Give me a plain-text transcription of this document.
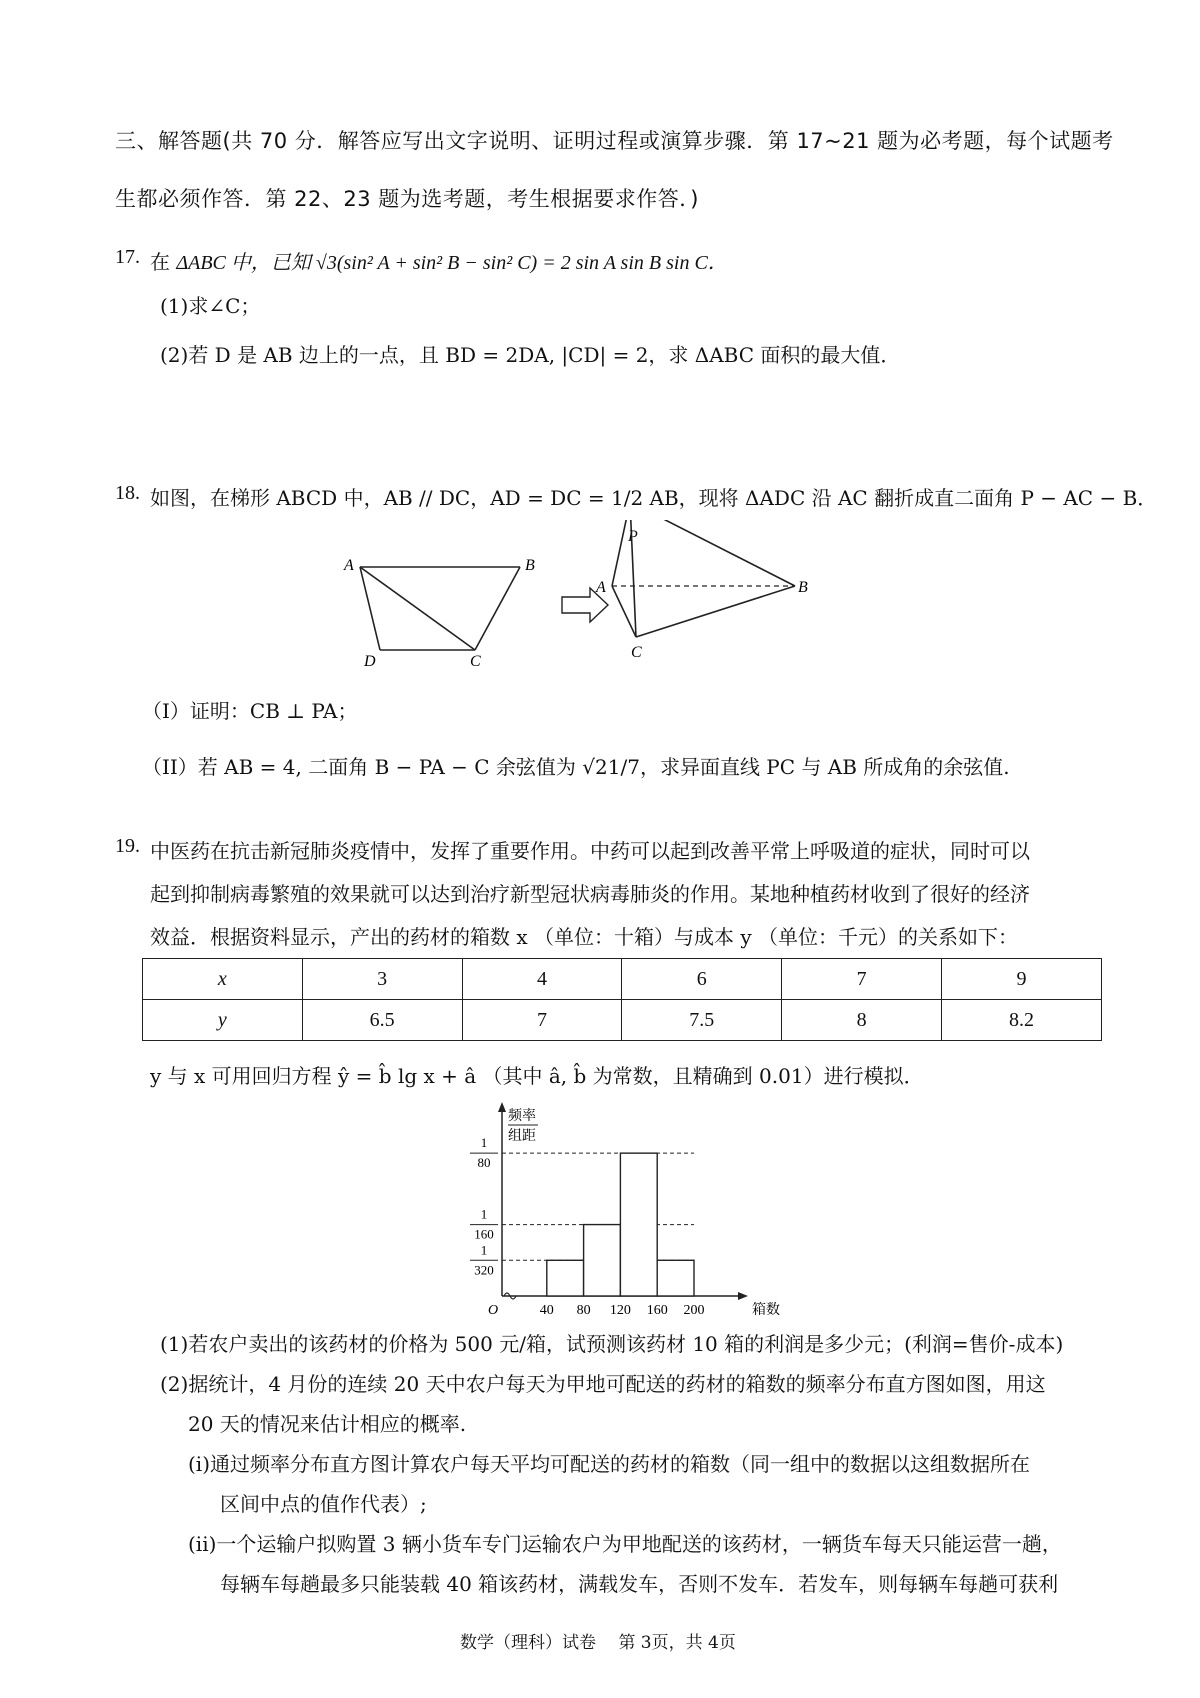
三、解答题(共 70 分．解答应写出文字说明、证明过程或演算步骤．第 17~21 题为必考题，每个试题考
生都必须作答．第 22、23 题为选考题，考生根据要求作答．)
17. 在 ΔABC 中，已知 √3(sin² A + sin² B − sin² C) = 2 sin A sin B sin C．
(1)求∠C；
(2)若 D 是 AB 边上的一点，且 BD = 2DA, |CD| = 2，求 ΔABC 面积的最大值．
18. 如图，在梯形 ABCD 中，AB // DC，AD = DC = 1/2 AB，现将 ΔADC 沿 AC 翻折成直二面角 P − AC − B．
A	B
D	C
A	B
C
P
（I）证明：CB ⊥ PA；
（II）若 AB = 4, 二面角 B − PA − C 余弦值为 √21/7，求异面直线 PC 与 AB 所成角的余弦值.
19. 中医药在抗击新冠肺炎疫情中，发挥了重要作用。中药可以起到改善平常上呼吸道的症状，同时可以
起到抑制病毒繁殖的效果就可以达到治疗新型冠状病毒肺炎的作用。某地种植药材收到了很好的经济
效益．根据资料显示，产出的药材的箱数 x （单位：十箱）与成本 y （单位：千元）的关系如下：
x	3	4	6	7	9
y	6.5	7	7.5	8	8.2
y 与 x 可用回归方程 ŷ = b̂ lg x + â （其中 â, b̂ 为常数，且精确到 0.01）进行模拟．
频率
组距
O	40 80 120 160 200	箱数
1
320
1
160
1
80
(1)若农户卖出的该药材的价格为 500 元/箱，试预测该药材 10 箱的利润是多少元；(利润=售价-成本)
(2)据统计，4 月份的连续 20 天中农户每天为甲地可配送的药材的箱数的频率分布直方图如图，用这
20 天的情况来估计相应的概率.
(i)通过频率分布直方图计算农户每天平均可配送的药材的箱数（同一组中的数据以这组数据所在
区间中点的值作代表）;
(ii)一个运输户拟购置 3 辆小货车专门运输农户为甲地配送的该药材，一辆货车每天只能运营一趟，
每辆车每趟最多只能装载 40 箱该药材，满载发车，否则不发车．若发车，则每辆车每趟可获利
数学（理科）试卷　 第 3页，共 4页
